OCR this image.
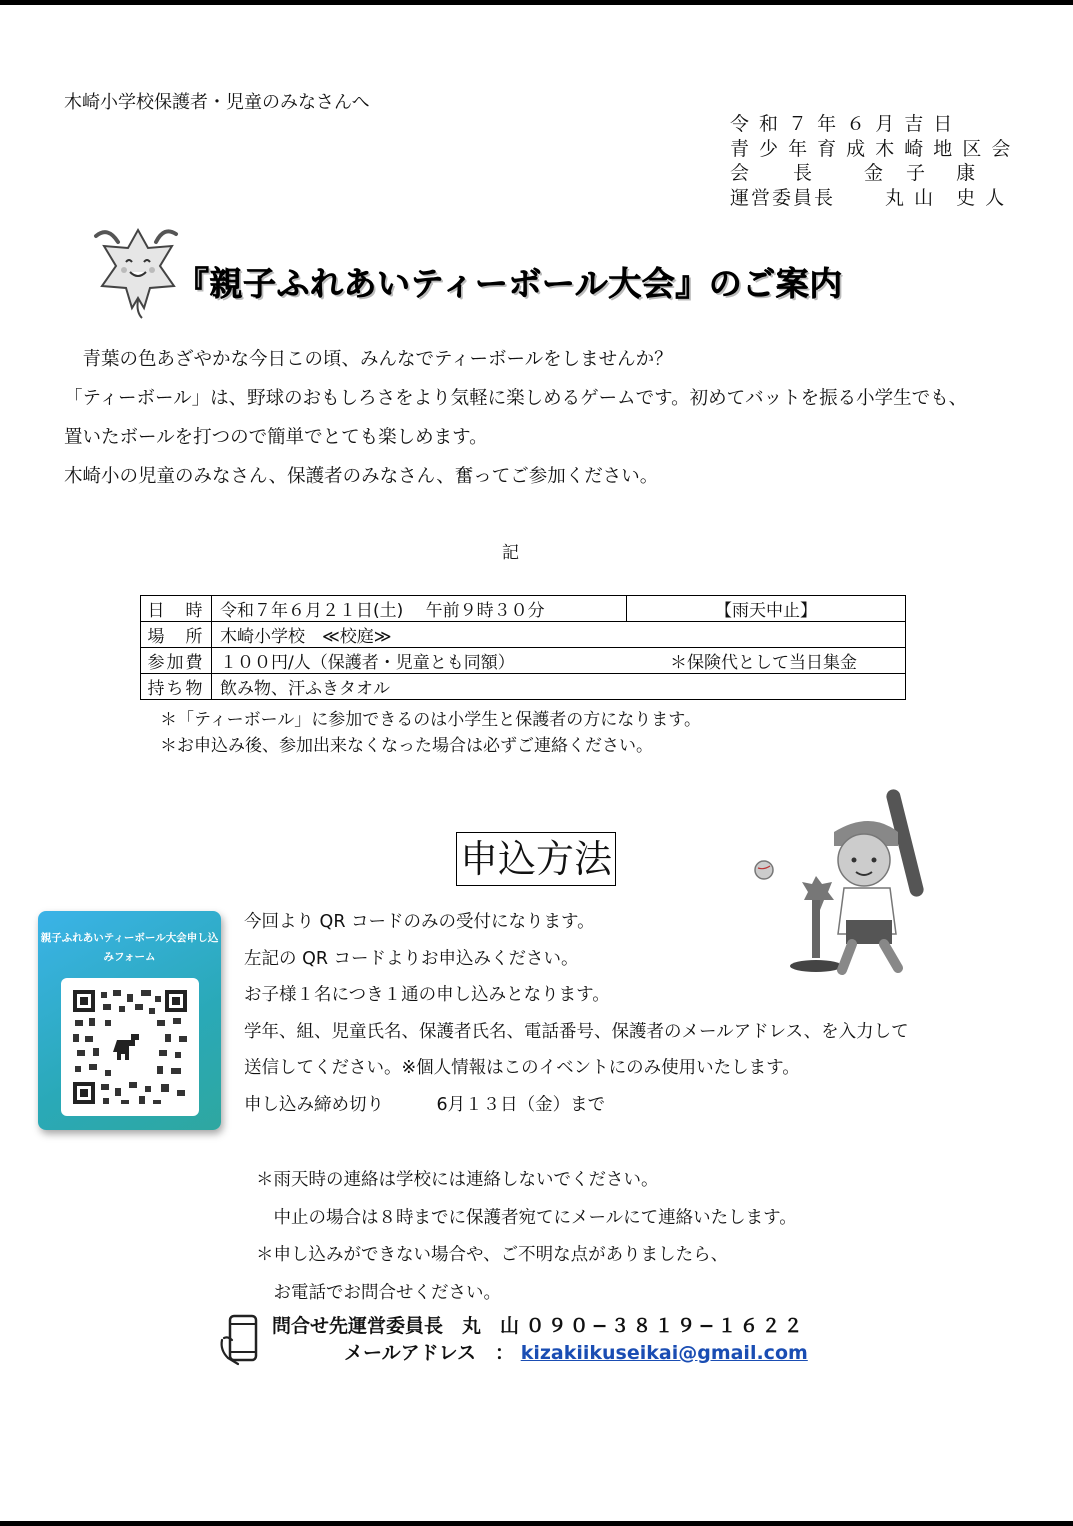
木崎小学校保護者・児童のみなさんへ
令 和 ７ 年 ６ 月 吉 日
青 少 年 育 成 木 崎 地 区 会
会　　長　　 金　子　 康
運営委員長　　 丸 山　史 人
『親子ふれあいティーボール大会』のご案内
　青葉の色あざやかな今日この頃、みんなでティーボールをしませんか？
「ティーボール」は、野球のおもしろさをより気軽に楽しめるゲームです。初めてバットを振る小学生でも、
置いたボールを打つので簡単でとても楽しめます。
木崎小の児童のみなさん、保護者のみなさん、奮ってご参加ください。
記
日　時	令和７年６月２１日(土)　 午前９時３０分	【雨天中止】
場　所	木崎小学校　≪校庭≫	
参加費	１００円/人（保護者・児童とも同額） ＊保険代として当日集金	

持ち物	飲み物、汗ふきタオル	
＊「ティーボール」に参加できるのは小学生と保護者の方になります。
＊お申込み後、参加出来なくなった場合は必ずご連絡ください。
申込方法
親子ふれあいティーボール大会申し込みフォーム
今回より QR コードのみの受付になります。
左記の QR コードよりお申込みください。
お子様１名につき１通の申し込みとなります。
学年、組、児童氏名、保護者氏名、電話番号、保護者のメールアドレス、を入力して
送信してください。※個人情報はこのイベントにのみ使用いたします。
申し込み締め切り　　　6月１３日（金）まで
＊雨天時の連絡は学校には連絡しないでください。
　中止の場合は８時までに保護者宛てにメールにて連絡いたします。
＊申し込みができない場合や、ご不明な点がありましたら、
　お電話でお問合せください。
問合せ先運営委員長　丸　山 ０９０−３８１９−１６２２
メールアドレス　： kizakiikuseikai@gmail.com
